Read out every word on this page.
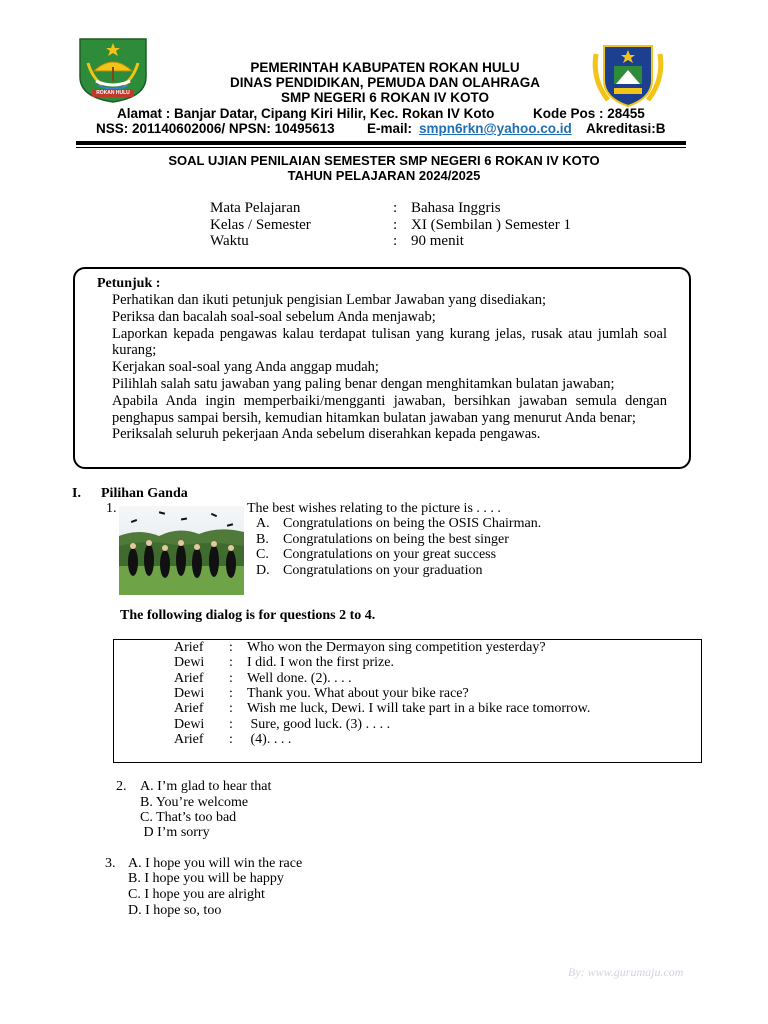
ROKAN HULU
PEMERINTAH KABUPATEN ROKAN HULU
DINAS PENDIDIKAN, PEMUDA DAN OLAHRAGA
SMP NEGERI 6 ROKAN IV KOTO
Alamat : Banjar Datar, Cipang Kiri Hilir, Kec. Rokan IV Koto	Kode Pos : 28455
NSS: 201140602006/ NPSN: 10495613 E-mail: smpn6rkn@yahoo.co.id Akreditasi:B
SOAL UJIAN PENILAIAN SEMESTER SMP NEGERI 6 ROKAN IV KOTO
TAHUN PELAJARAN 2024/2025
Mata Pelajaran	: Bahasa Inggris
Kelas / Semester	: XI (Sembilan ) Semester 1
Waktu	: 90 menit
Petunjuk :
Perhatikan dan ikuti petunjuk pengisian Lembar Jawaban yang disediakan;
Periksa dan bacalah soal-soal sebelum Anda menjawab;
Laporkan kepada pengawas kalau terdapat tulisan yang kurang jelas, rusak atau jumlah soal kurang;
Kerjakan soal-soal yang Anda anggap mudah;
Pilihlah salah satu jawaban yang paling benar dengan menghitamkan bulatan jawaban;
Apabila Anda ingin memperbaiki/mengganti jawaban, bersihkan jawaban semula dengan penghapus sampai bersih, kemudian hitamkan bulatan jawaban yang menurut Anda benar;
Periksalah seluruh pekerjaan Anda sebelum diserahkan kepada pengawas.
I. Pilihan Ganda
1.	The best wishes relating to the picture is . . . .
A. Congratulations on being the OSIS Chairman.
B. Congratulations on being the best singer
C. Congratulations on your great success
D. Congratulations on your graduation
The following dialog is for questions 2 to 4.
Arief : Who won the Dermayon sing competition yesterday?
Dewi : I did. I won the first prize.
Arief : Well done. (2). . . .
Dewi : Thank you. What about your bike race?
Arief : Wish me luck, Dewi. I will take part in a bike race tomorrow.
Dewi : Sure, good luck. (3) . . . .
Arief : (4). . . .
2. A. I’m glad to hear that
B. You’re welcome
C. That’s too bad
D I’m sorry
3. A. I hope you will win the race
B. I hope you will be happy
C. I hope you are alright
D. I hope so, too
By: www.gurumaju.com
